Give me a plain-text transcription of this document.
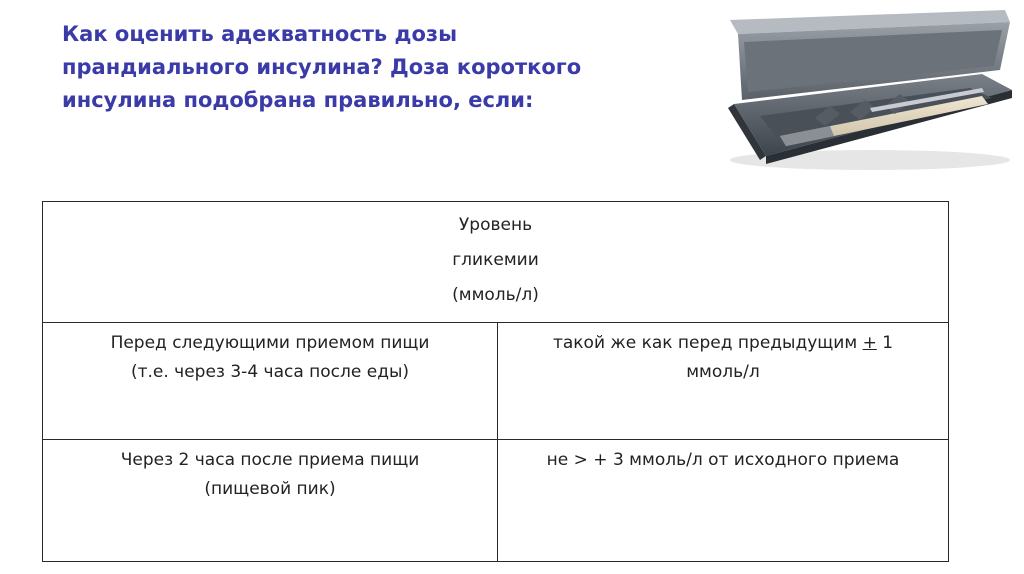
Как оценить адекватность дозы
прандиального инсулина? Доза короткого
инсулина подобрана правильно, если:
Уровень
гликемии
(ммоль/л)	

Перед следующими приемом пищи
(т.е. через 3-4 часа после еды)	такой же как перед предыдущим + 1
ммоль/л

Через 2 часа после приема пищи
(пищевой пик)	не > + 3 ммоль/л от исходного приема
